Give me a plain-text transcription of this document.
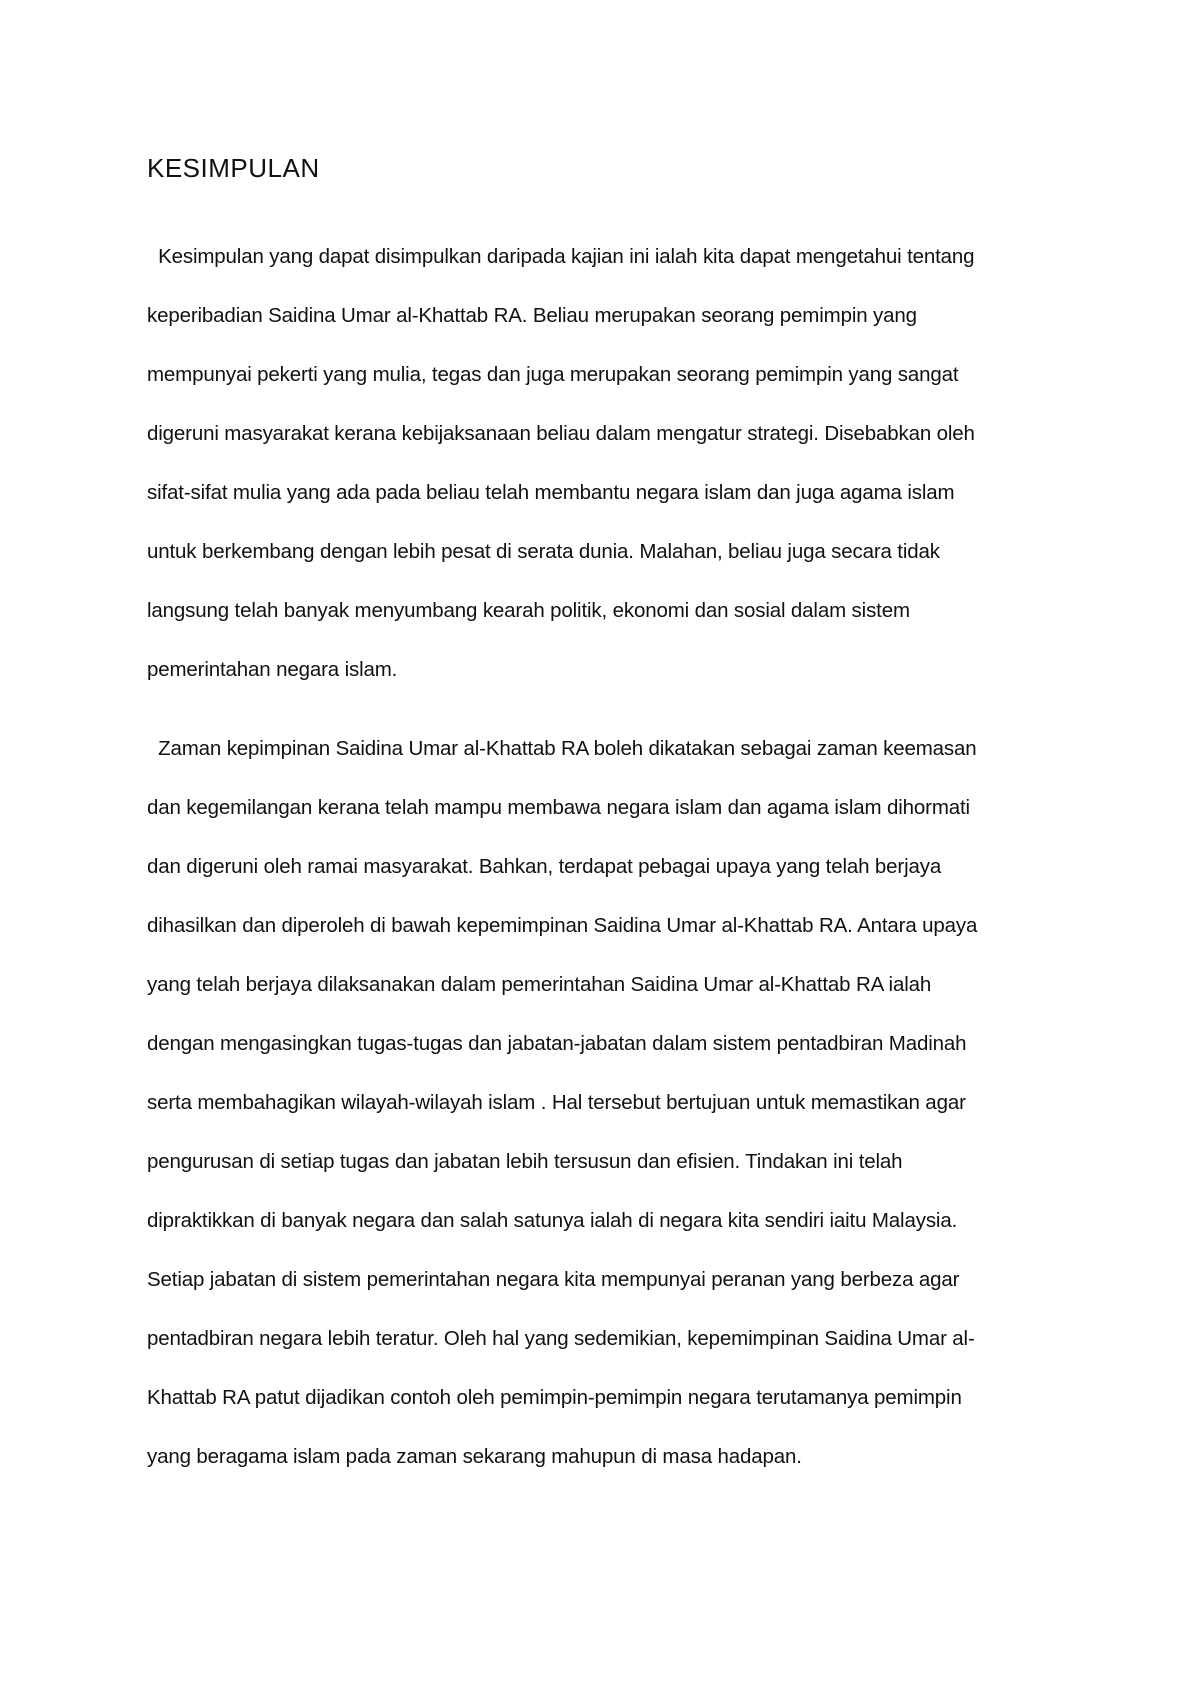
KESIMPULAN
Kesimpulan yang dapat disimpulkan daripada kajian ini ialah kita dapat mengetahui tentang
keperibadian Saidina Umar al-Khattab RA. Beliau merupakan seorang pemimpin yang
mempunyai pekerti yang mulia, tegas dan juga merupakan seorang pemimpin yang sangat
digeruni masyarakat kerana kebijaksanaan beliau dalam mengatur strategi. Disebabkan oleh
sifat-sifat mulia yang ada pada beliau telah membantu negara islam dan juga agama islam
untuk berkembang dengan lebih pesat di serata dunia. Malahan, beliau juga secara tidak
langsung telah banyak menyumbang kearah politik, ekonomi dan sosial dalam sistem
pemerintahan negara islam.
Zaman kepimpinan Saidina Umar al-Khattab RA boleh dikatakan sebagai zaman keemasan
dan kegemilangan kerana telah mampu membawa negara islam dan agama islam dihormati
dan digeruni oleh ramai masyarakat. Bahkan, terdapat pebagai upaya yang telah berjaya
dihasilkan dan diperoleh di bawah kepemimpinan Saidina Umar al-Khattab RA. Antara upaya
yang telah berjaya dilaksanakan dalam pemerintahan Saidina Umar al-Khattab RA ialah
dengan mengasingkan tugas-tugas dan jabatan-jabatan dalam sistem pentadbiran Madinah
serta membahagikan wilayah-wilayah islam . Hal tersebut bertujuan untuk memastikan agar
pengurusan di setiap tugas dan jabatan lebih tersusun dan efisien. Tindakan ini telah
dipraktikkan di banyak negara dan salah satunya ialah di negara kita sendiri iaitu Malaysia.
Setiap jabatan di sistem pemerintahan negara kita mempunyai peranan yang berbeza agar
pentadbiran negara lebih teratur. Oleh hal yang sedemikian, kepemimpinan Saidina Umar al-
Khattab RA patut dijadikan contoh oleh pemimpin-pemimpin negara terutamanya pemimpin
yang beragama islam pada zaman sekarang mahupun di masa hadapan.
